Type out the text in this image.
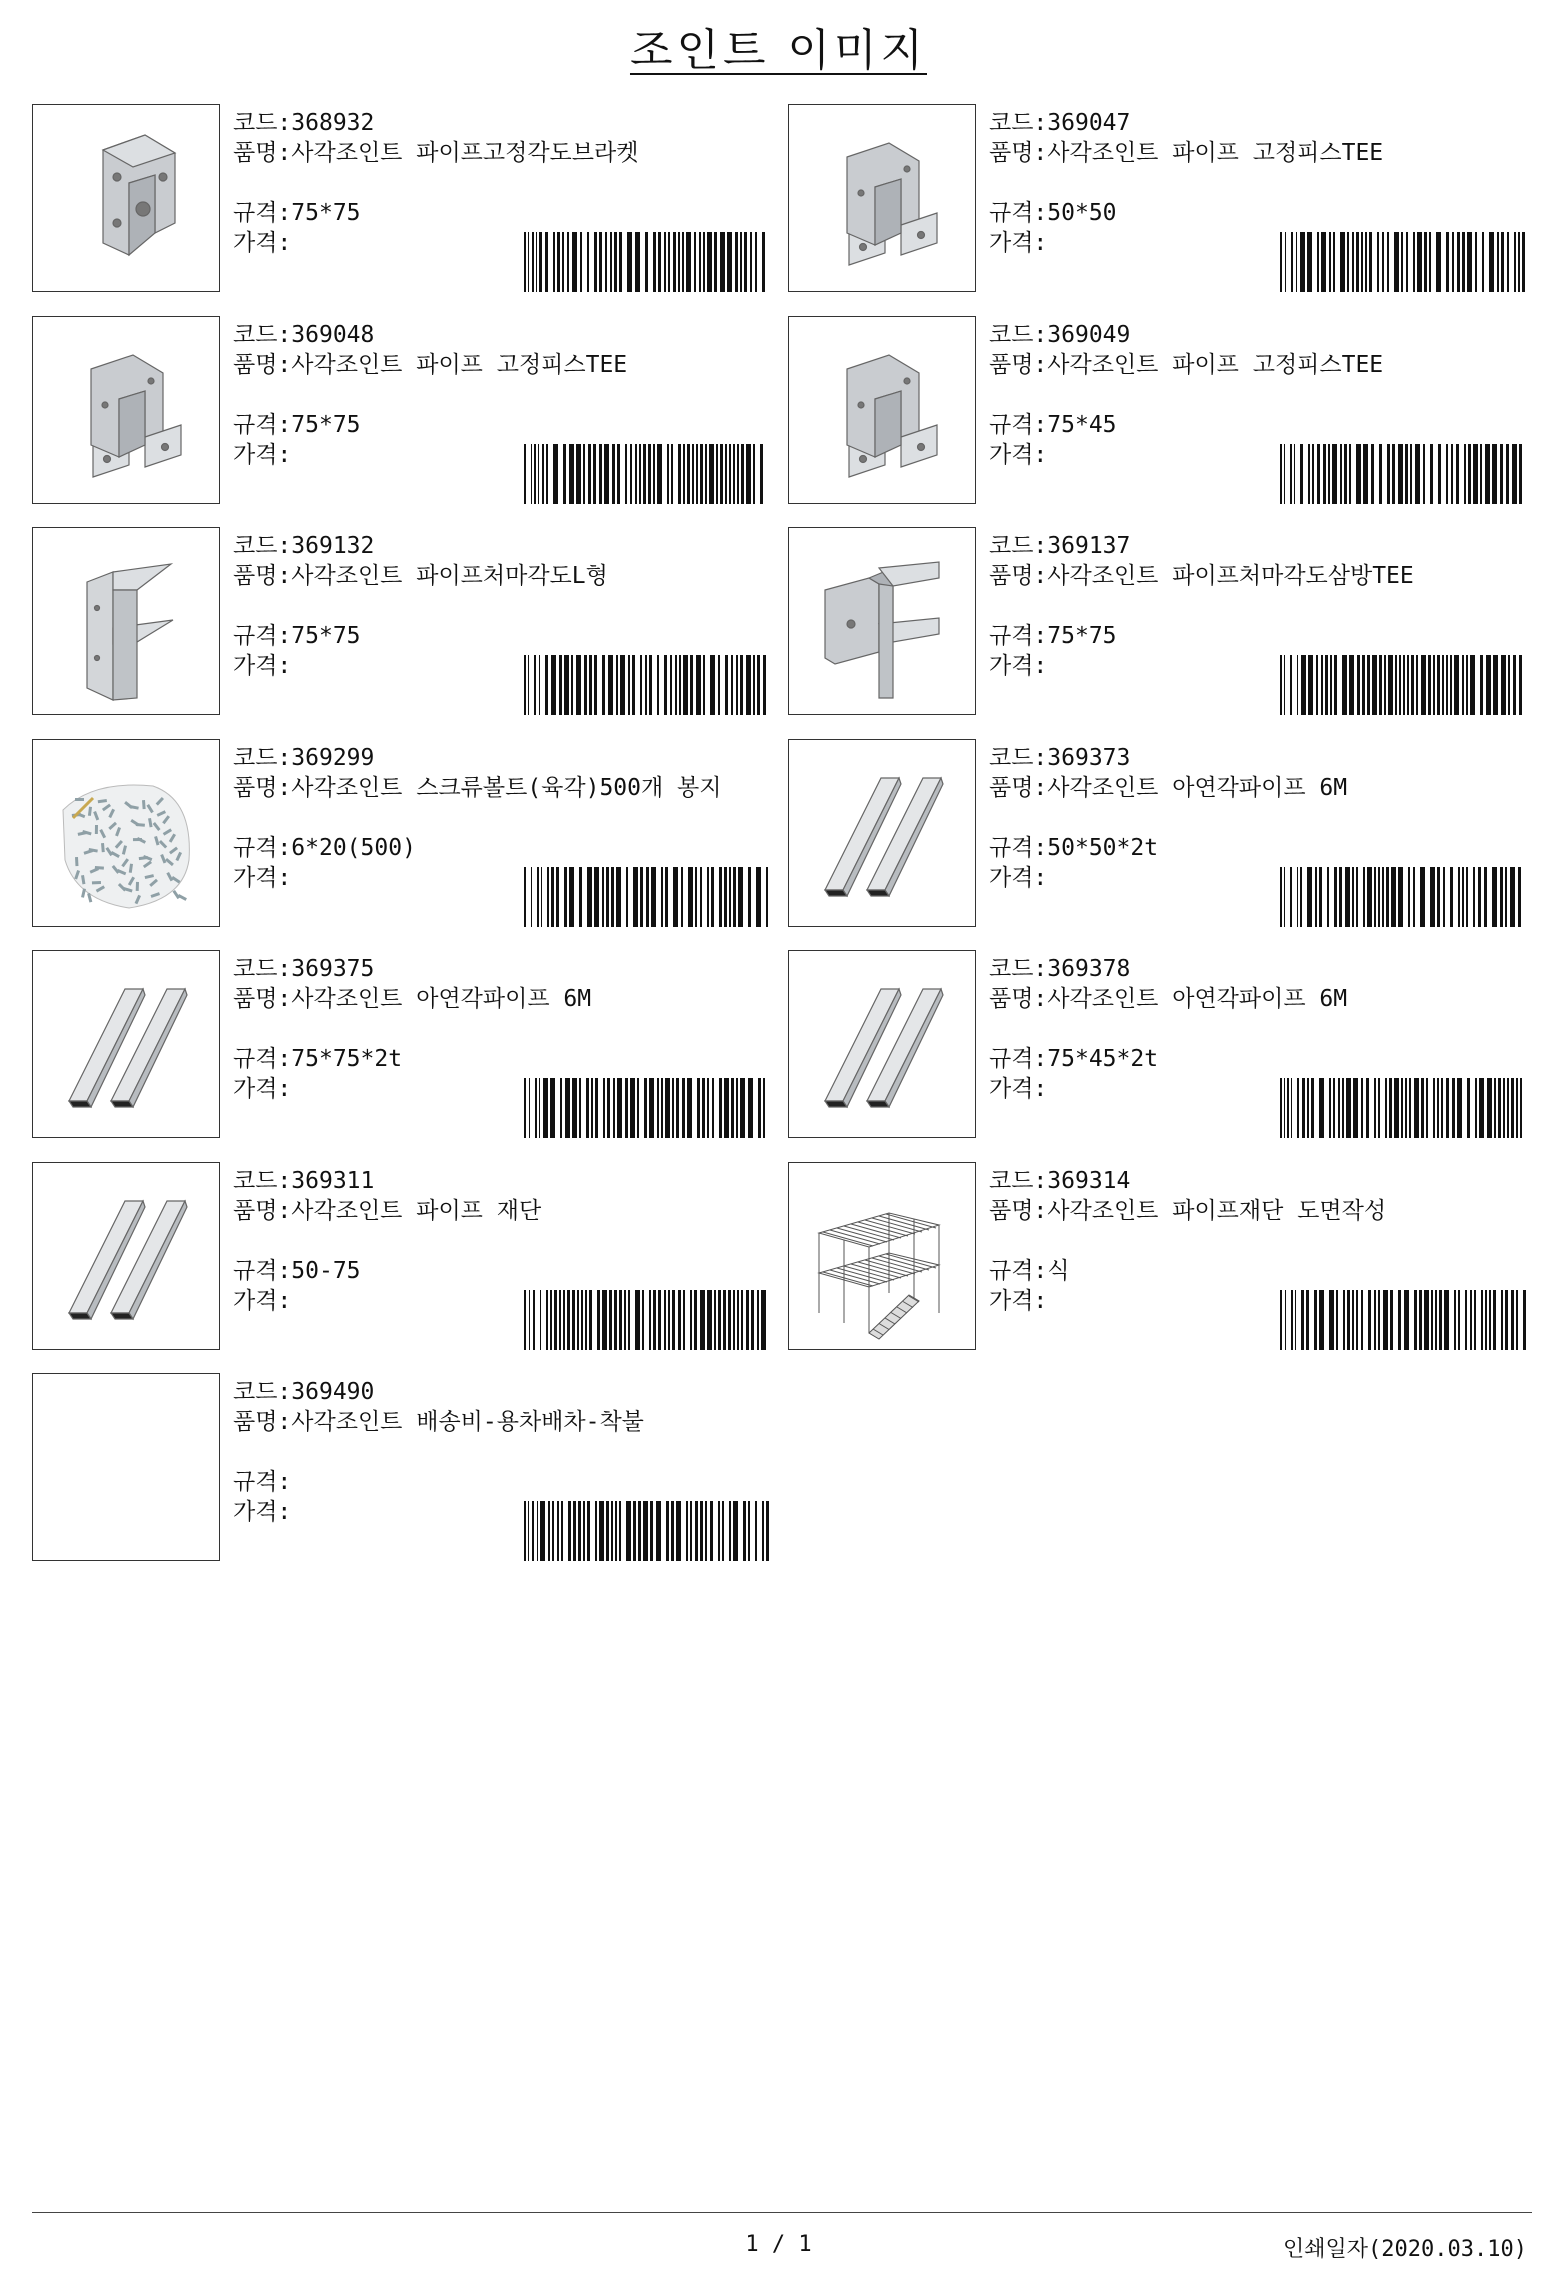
조인트 이미지
코드:368932
품명:사각조인트 파이프고정각도브라켓
규격:75*75
가격:
코드:369047
품명:사각조인트 파이프 고정피스TEE
규격:50*50
가격:
코드:369048
품명:사각조인트 파이프 고정피스TEE
규격:75*75
가격:
코드:369049
품명:사각조인트 파이프 고정피스TEE
규격:75*45
가격:
코드:369132
품명:사각조인트 파이프처마각도L형
규격:75*75
가격:
코드:369137
품명:사각조인트 파이프처마각도삼방TEE
규격:75*75
가격:
코드:369299
품명:사각조인트 스크류볼트(육각)500개 봉지
규격:6*20(500)
가격:
코드:369373
품명:사각조인트 아연각파이프 6M
규격:50*50*2t
가격:
코드:369375
품명:사각조인트 아연각파이프 6M
규격:75*75*2t
가격:
코드:369378
품명:사각조인트 아연각파이프 6M
규격:75*45*2t
가격:
코드:369311
품명:사각조인트 파이프 재단
규격:50-75
가격:
코드:369314
품명:사각조인트 파이프재단 도면작성
규격:식
가격:
코드:369490
품명:사각조인트 배송비-용차배차-착불
규격:
가격:
1 / 1	인쇄일자(2020.03.10)
